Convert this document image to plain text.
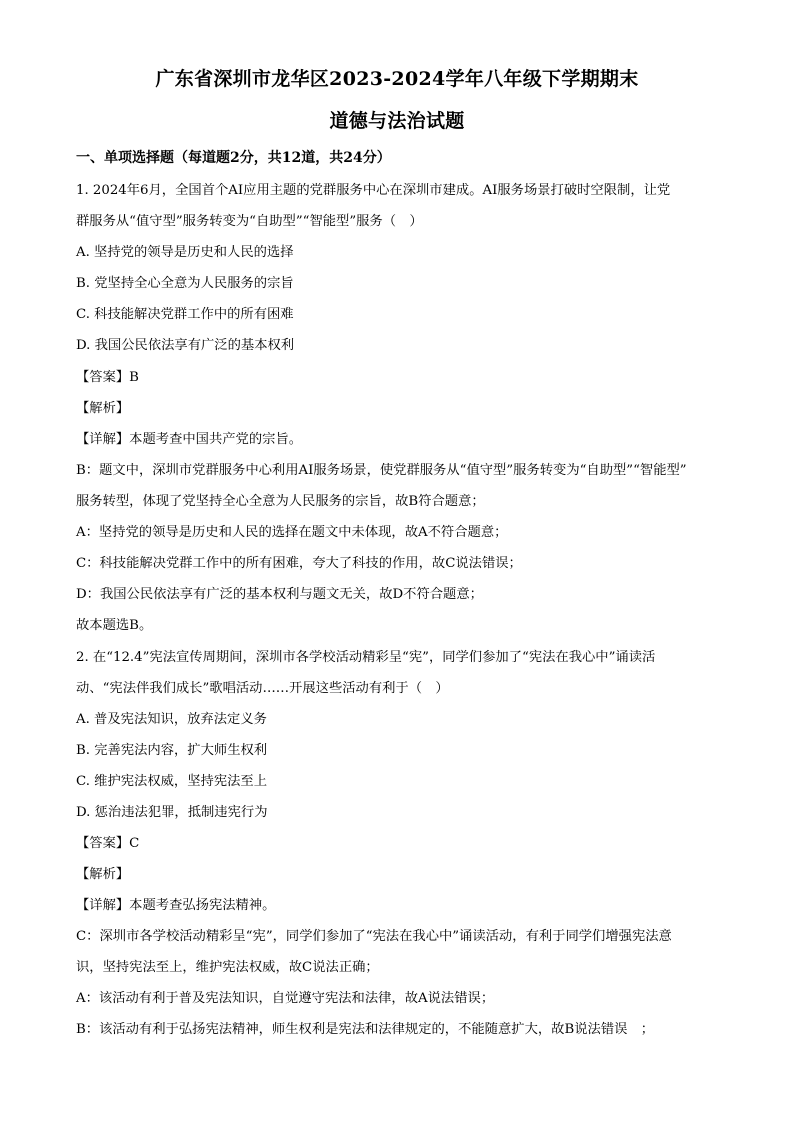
广东省深圳市龙华区2023-2024学年八年级下学期期末
道德与法治试题
一、单项选择题（每道题2分，共12道，共24分）
1. 2024年6月，全国首个AI应用主题的党群服务中心在深圳市建成。AI服务场景打破时空限制，让党
群服务从“值守型”服务转变为“自助型”“智能型”服务（　）
A. 坚持党的领导是历史和人民的选择
B. 党坚持全心全意为人民服务的宗旨
C. 科技能解决党群工作中的所有困难
D. 我国公民依法享有广泛的基本权利
【答案】B
【解析】
【详解】本题考查中国共产党的宗旨。
B：题文中，深圳市党群服务中心利用AI服务场景，使党群服务从“值守型”服务转变为“自助型”“智能型”
服务转型，体现了党坚持全心全意为人民服务的宗旨，故B符合题意；
A：坚持党的领导是历史和人民的选择在题文中未体现，故A不符合题意；
C：科技能解决党群工作中的所有困难，夸大了科技的作用，故C说法错误；
D：我国公民依法享有广泛的基本权利与题文无关，故D不符合题意；
故本题选B。
2. 在“12.4”宪法宣传周期间，深圳市各学校活动精彩呈“宪”，同学们参加了“宪法在我心中”诵读活
动、“宪法伴我们成长”歌唱活动……开展这些活动有利于（　）
A. 普及宪法知识，放弃法定义务
B. 完善宪法内容，扩大师生权利
C. 维护宪法权威，坚持宪法至上
D. 惩治违法犯罪，抵制违宪行为
【答案】C
【解析】
【详解】本题考查弘扬宪法精神。
C：深圳市各学校活动精彩呈“宪”，同学们参加了“宪法在我心中”诵读活动，有利于同学们增强宪法意
识，坚持宪法至上，维护宪法权威，故C说法正确；
A：该活动有利于普及宪法知识，自觉遵守宪法和法律，故A说法错误；
B：该活动有利于弘扬宪法精神，师生权利是宪法和法律规定的，不能随意扩大，故B说法错误　；
